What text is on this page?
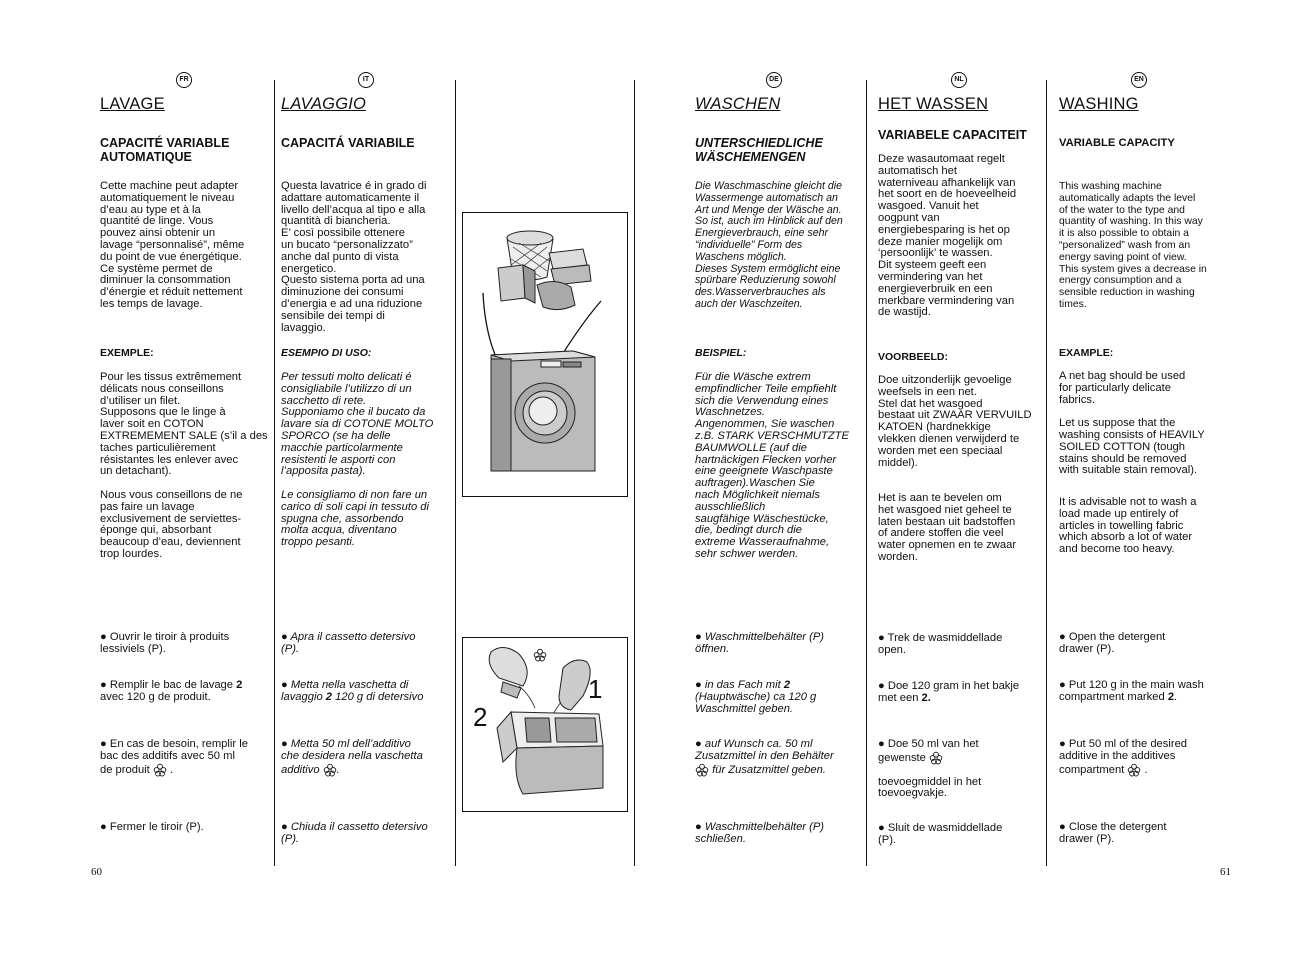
FR
LAVAGE
CAPACITÉ VARIABLE
AUTOMATIQUE
Cette machine peut adapter
automatiquement le niveau
d’eau au type et à la
quantité de linge. Vous
pouvez ainsi obtenir un
lavage “personnalisé”, même
du point de vue énergétique.
Ce système permet de
diminuer la consommation
d’énergie et réduit nettement
les temps de lavage.
EXEMPLE:
Pour les tissus extrêmement
délicats nous conseillons
d’utiliser un filet.
Supposons que le linge à
laver soit en COTON
EXTREMEMENT SALE (s’il a des
taches particulièrement
résistantes les enlever avec
un detachant).
Nous vous conseillons de ne
pas faire un lavage
exclusivement de serviettes-
éponge qui, absorbant
beaucoup d’eau, deviennent
trop lourdes.
● Ouvrir le tiroir à produits
lessiviels (P).
● Remplir le bac de lavage 2
avec 120 g de produit.
● En cas de besoin, remplir le
bac des additifs avec 50 ml
de produit  .
● Fermer le tiroir (P).
IT
LAVAGGIO
CAPACITÁ VARIABILE
Questa lavatrice é in grado di
adattare automaticamente il
livello dell’acqua al tipo e alla
quantità di biancheria.
E’ così possibile ottenere
un bucato “personalizzato”
anche dal punto di vista
energetico.
Questo sistema porta ad una
diminuzione dei consumi
d’energia e ad una riduzione
sensibile dei tempi di
lavaggio.
ESEMPIO DI USO:
Per tessuti molto delicati é
consigliabile l’utilizzo di un
sacchetto di rete.
Supponiamo che il bucato da
lavare sia di COTONE MOLTO
SPORCO (se ha delle
macchie particolarmente
resistenti le asporti con
l’apposita pasta).
Le consigliamo di non fare un
carico di soli capi in tessuto di
spugna che, assorbendo
molta acqua, diventano
troppo pesanti.
● Apra il cassetto detersivo
(P).
● Metta nella vaschetta di
lavaggio 2 120 g di detersivo
● Metta 50 ml dell’additivo
che desidera nella vaschetta
additivo .
● Chiuda il cassetto detersivo
(P).
1
2
DE
WASCHEN
UNTERSCHIEDLICHE
WÄSCHEMENGEN
Die Waschmaschine gleicht die
Wassermenge automatisch an
Art und Menge der Wäsche an.
So ist, auch im Hinblick auf den
Energieverbrauch, eine sehr
“individuelle” Form des
Waschens möglich.
Dieses System ermöglicht eine
spürbare Reduzierung sowohl
des.Wasserverbrauches als
auch der Waschzeiten.
BEISPIEL:
Für die Wäsche extrem
empfindlicher Teile empfiehlt
sich die Verwendung eines
Waschnetzes.
Angenommen, Sie waschen
z.B. STARK VERSCHMUTZTE
BAUMWOLLE (auf die
hartnäckigen Flecken vorher
eine geeignete Waschpaste
auftragen).Waschen Sie
nach Möglichkeit niemals
ausschließlich
saugfähige Wäschestücke,
die, bedingt durch die
extreme Wasseraufnahme,
sehr schwer werden.
● Waschmittelbehälter (P)
öffnen.
● in das Fach mit 2
(Hauptwäsche) ca 120 g
Waschmittel geben.
● auf Wunsch ca. 50 ml
Zusatzmittel in den Behälter
für Zusatzmittel geben.
● Waschmittelbehälter (P)
schließen.
NL
HET WASSEN
VARIABELE CAPACITEIT
Deze wasautomaat regelt
automatisch het
waterniveau afhankelijk van
het soort en de hoeveelheid
wasgoed. Vanuit het
oogpunt van
energiebesparing is het op
deze manier mogelijk om
‘persoonlijk’ te wassen.
Dit systeem geeft een
vermindering van het
energieverbruik en een
merkbare vermindering van
de wastijd.
VOORBEELD:
Doe uitzonderlijk gevoelige
weefsels in een net.
Stel dat het wasgoed
bestaat uit ZWAAR VERVUILD
KATOEN (hardnekkige
vlekken dienen verwijderd te
worden met een speciaal
middel).
Het is aan te bevelen om
het wasgoed niet geheel te
laten bestaan uit badstoffen
of andere stoffen die veel
water opnemen en te zwaar
worden.
● Trek de wasmiddellade
open.
● Doe 120 gram in het bakje
met een 2.
● Doe 50 ml van het
gewenste

toevoegmiddel in het
toevoegvakje.
● Sluit de wasmiddellade
(P).
EN
WASHING
VARIABLE CAPACITY
This washing machine
automatically adapts the level
of the water to the type and
quantity of washing. In this way
it is also possible to obtain a
“personalized” wash from an
energy saving point of view.
This system gives a decrease in
energy consumption and a
sensible reduction in washing
times.
EXAMPLE:
A net bag should be used
for particularly delicate
fabrics.

Let us suppose that the
washing consists of HEAVILY
SOILED COTTON (tough
stains should be removed
with suitable stain removal).
It is advisable not to wash a
load made up entirely of
articles in towelling fabric
which absorb a lot of water
and become too heavy.
● Open the detergent
drawer (P).
● Put 120 g in the main wash
compartment marked 2.
● Put 50 ml of the desired
additive in the additives
compartment  .
● Close the detergent
drawer (P).
60	61
